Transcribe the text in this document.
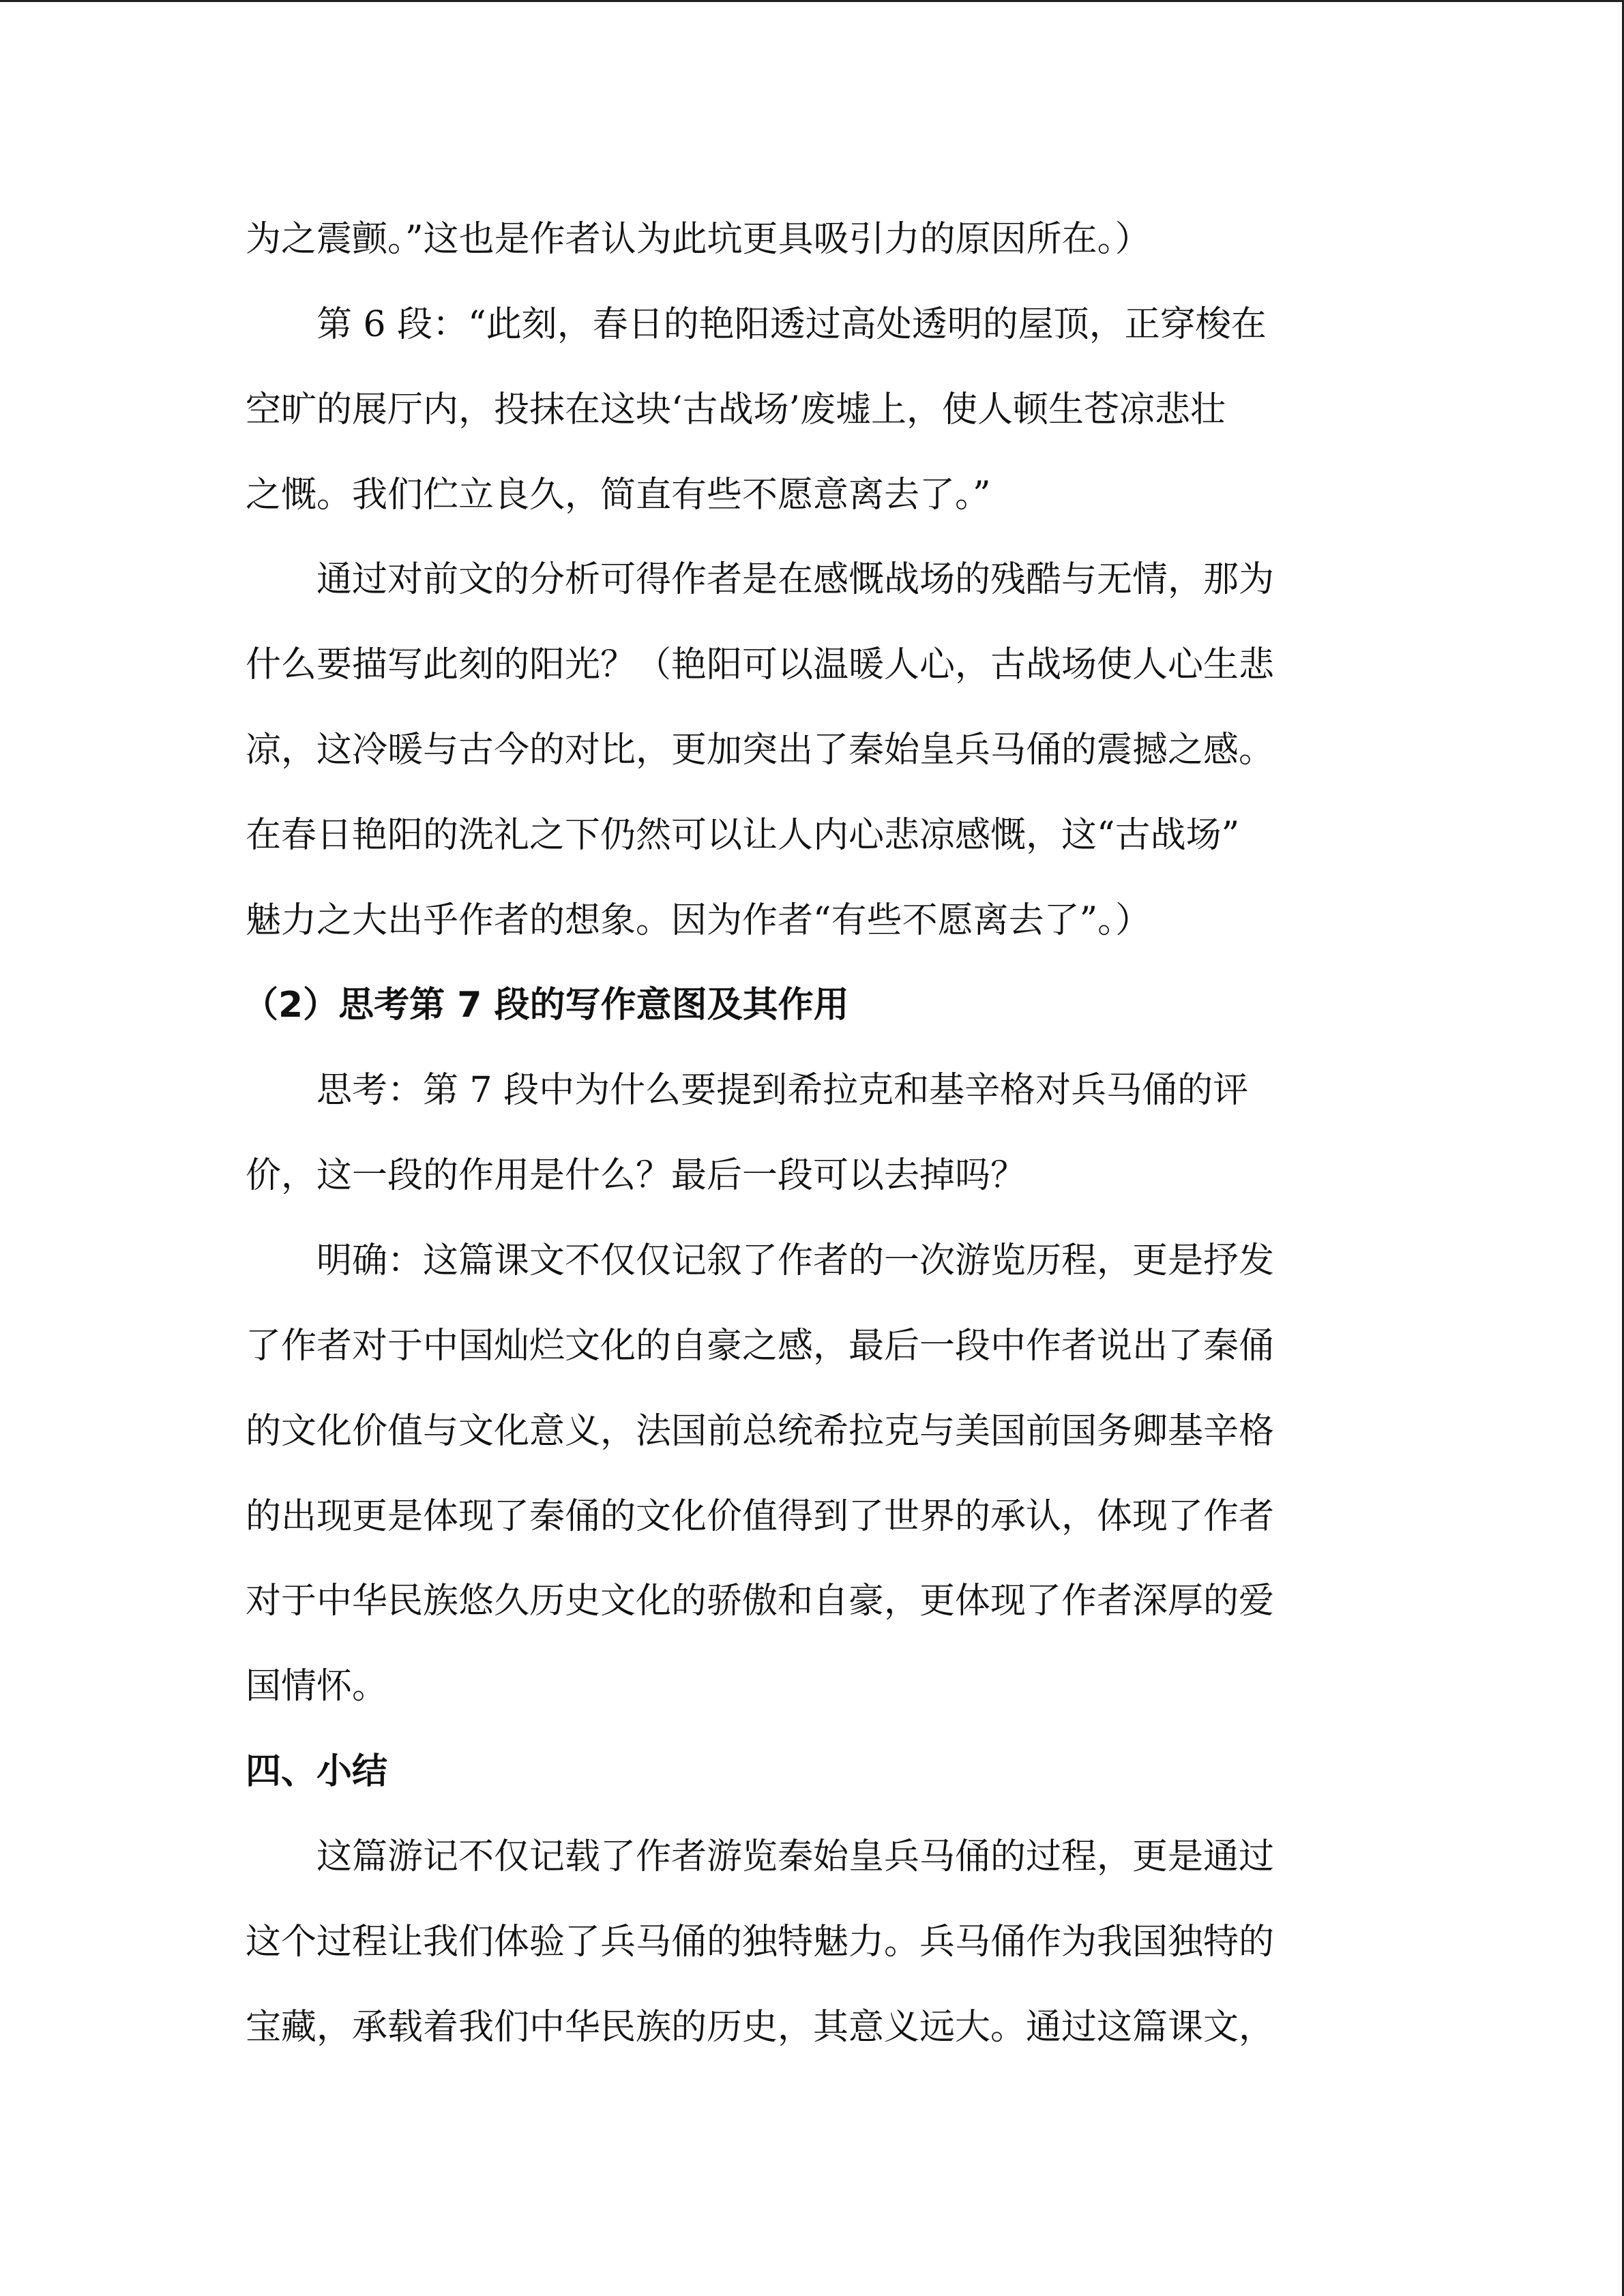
为之震颤。”这也是作者认为此坑更具吸引力的原因所在。）
　　第 6 段：“此刻，春日的艳阳透过高处透明的屋顶，正穿梭在
空旷的展厅内，投抹在这块‘古战场’废墟上，使人顿生苍凉悲壮
之慨。我们伫立良久，简直有些不愿意离去了。”
　　通过对前文的分析可得作者是在感慨战场的残酷与无情，那为
什么要描写此刻的阳光？（艳阳可以温暖人心，古战场使人心生悲
凉，这冷暖与古今的对比，更加突出了秦始皇兵马俑的震撼之感。
在春日艳阳的洗礼之下仍然可以让人内心悲凉感慨，这“古战场”
魅力之大出乎作者的想象。因为作者“有些不愿离去了”。）
（2）思考第 7 段的写作意图及其作用
　　思考：第 7 段中为什么要提到希拉克和基辛格对兵马俑的评
价，这一段的作用是什么？最后一段可以去掉吗？
　　明确：这篇课文不仅仅记叙了作者的一次游览历程，更是抒发
了作者对于中国灿烂文化的自豪之感，最后一段中作者说出了秦俑
的文化价值与文化意义，法国前总统希拉克与美国前国务卿基辛格
的出现更是体现了秦俑的文化价值得到了世界的承认，体现了作者
对于中华民族悠久历史文化的骄傲和自豪，更体现了作者深厚的爱
国情怀。
四、小结
　　这篇游记不仅记载了作者游览秦始皇兵马俑的过程，更是通过
这个过程让我们体验了兵马俑的独特魅力。兵马俑作为我国独特的
宝藏，承载着我们中华民族的历史，其意义远大。通过这篇课文，
